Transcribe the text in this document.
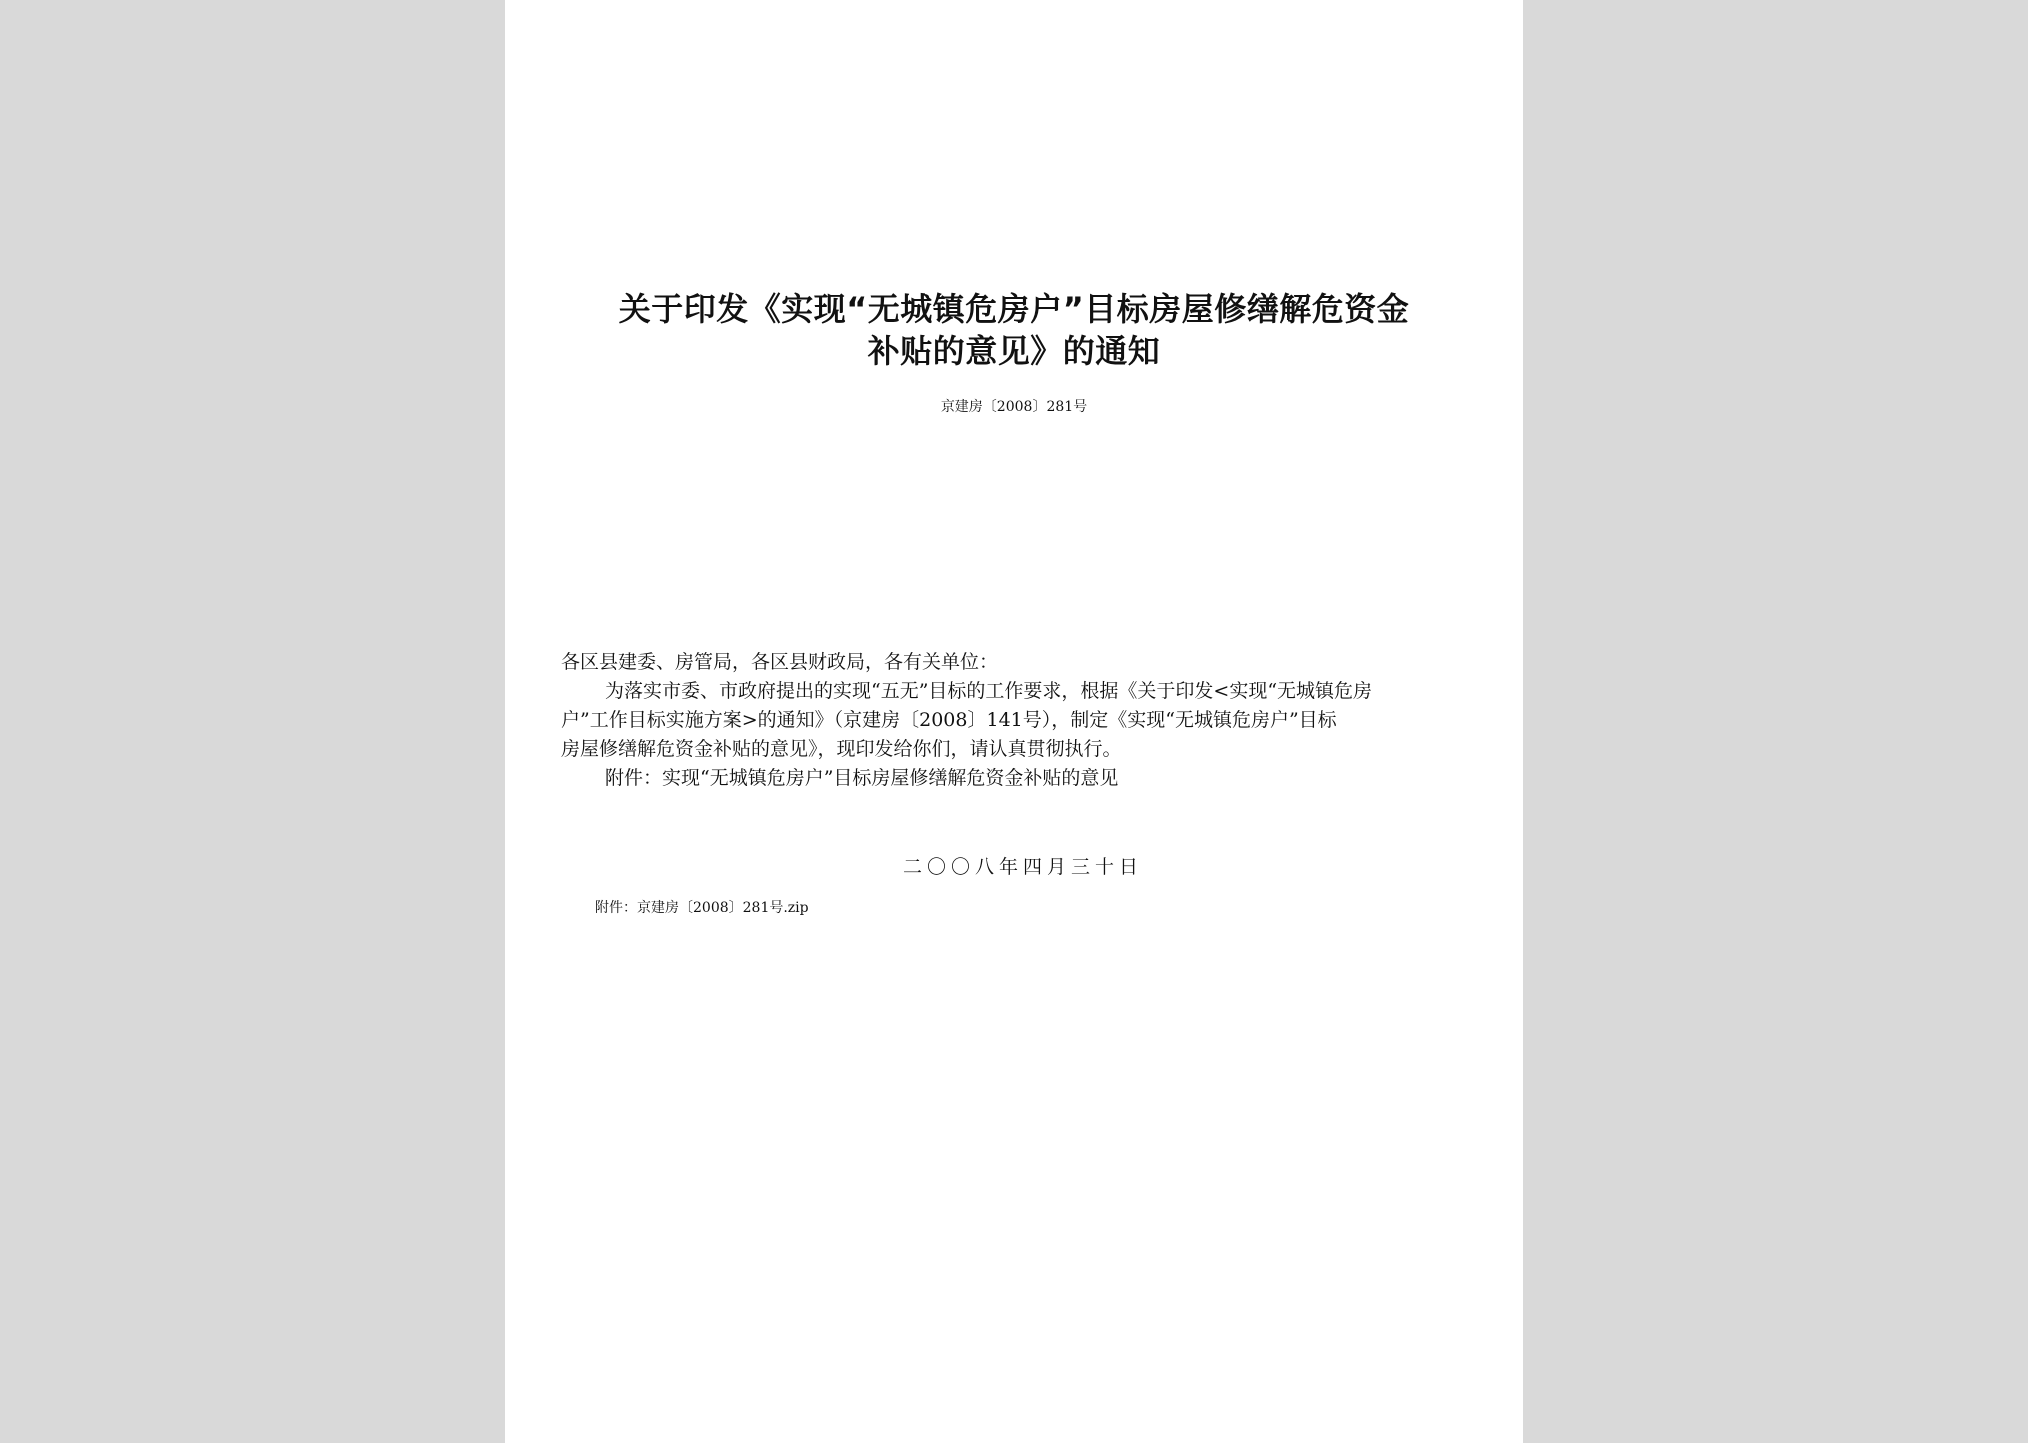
关于印发《实现“无城镇危房户”目标房屋修缮解危资金
补贴的意见》的通知
京建房〔2008〕281号

各区县建委、房管局，各区县财政局，各有关单位：

为落实市委、市政府提出的实现“五无”目标的工作要求，根据《关于印发<实现“无城镇危房

户”工作目标实施方案>的通知》（京建房〔2008〕141号），制定《实现“无城镇危房户”目标

房屋修缮解危资金补贴的意见》，现印发给你们，请认真贯彻执行。

附件：实现“无城镇危房户”目标房屋修缮解危资金补贴的意见

二〇〇八年四月三十日
附件：京建房〔2008〕281号.zip
